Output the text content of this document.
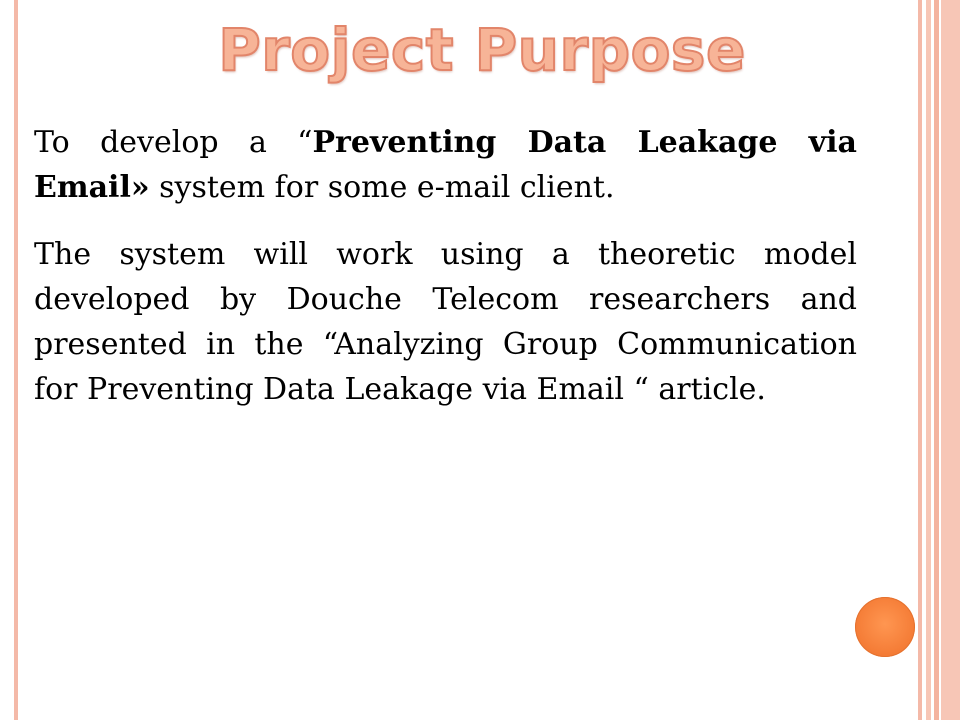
Project Purpose

To develop a “Preventing Data Leakage via Email» system for some e-mail client.

The system will work using a theoretic model developed by Douche Telecom researchers and presented in the “Analyzing Group Communication for Preventing Data Leakage via Email “ article.
